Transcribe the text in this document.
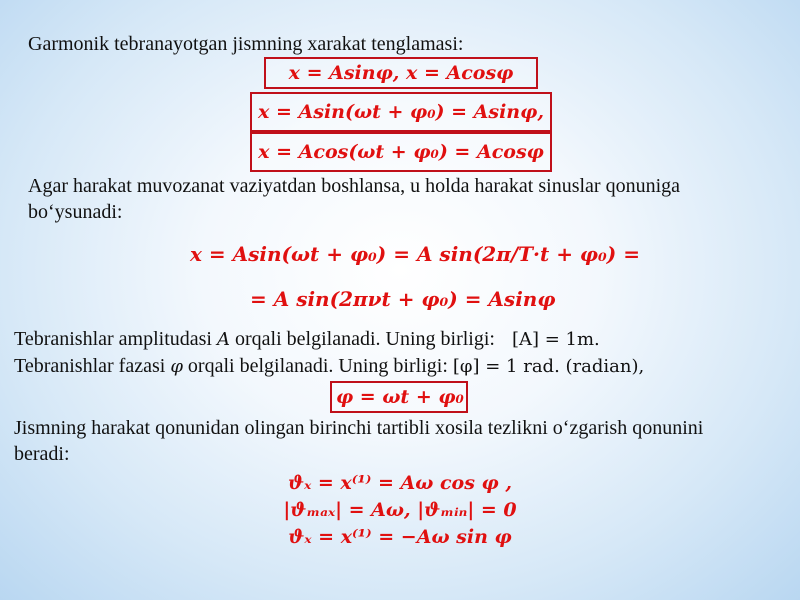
Garmonik tebranayotgan jismning xarakat tenglamasi:
x = Asinφ, x = Acosφ
x = Asin(ωt + φ₀) = Asinφ,
x = Acos(ωt + φ₀) = Acosφ
Agar harakat muvozanat vaziyatdan boshlansa, u holda harakat sinuslar qonuniga
bo‘ysunadi:
x = Asin(ωt + φ₀) = A sin(2π/T·t + φ₀) =
= A sin(2πνt + φ₀) = Asinφ
Tebranishlar amplitudasi A orqali belgilanadi. Uning birligi: [A] = 1m.
Tebranishlar fazasi φ orqali belgilanadi. Uning birligi: [φ] = 1 rad. (radian),
φ = ωt + φ₀
Jismning harakat qonunidan olingan birinchi tartibli xosila tezlikni o‘zgarish qonunini
beradi:
ϑₓ = x⁽¹⁾ = Aω cos φ ,
|ϑₘₐₓ| = Aω, |ϑₘᵢₙ| = 0
ϑₓ = x⁽¹⁾ = −Aω sin φ
